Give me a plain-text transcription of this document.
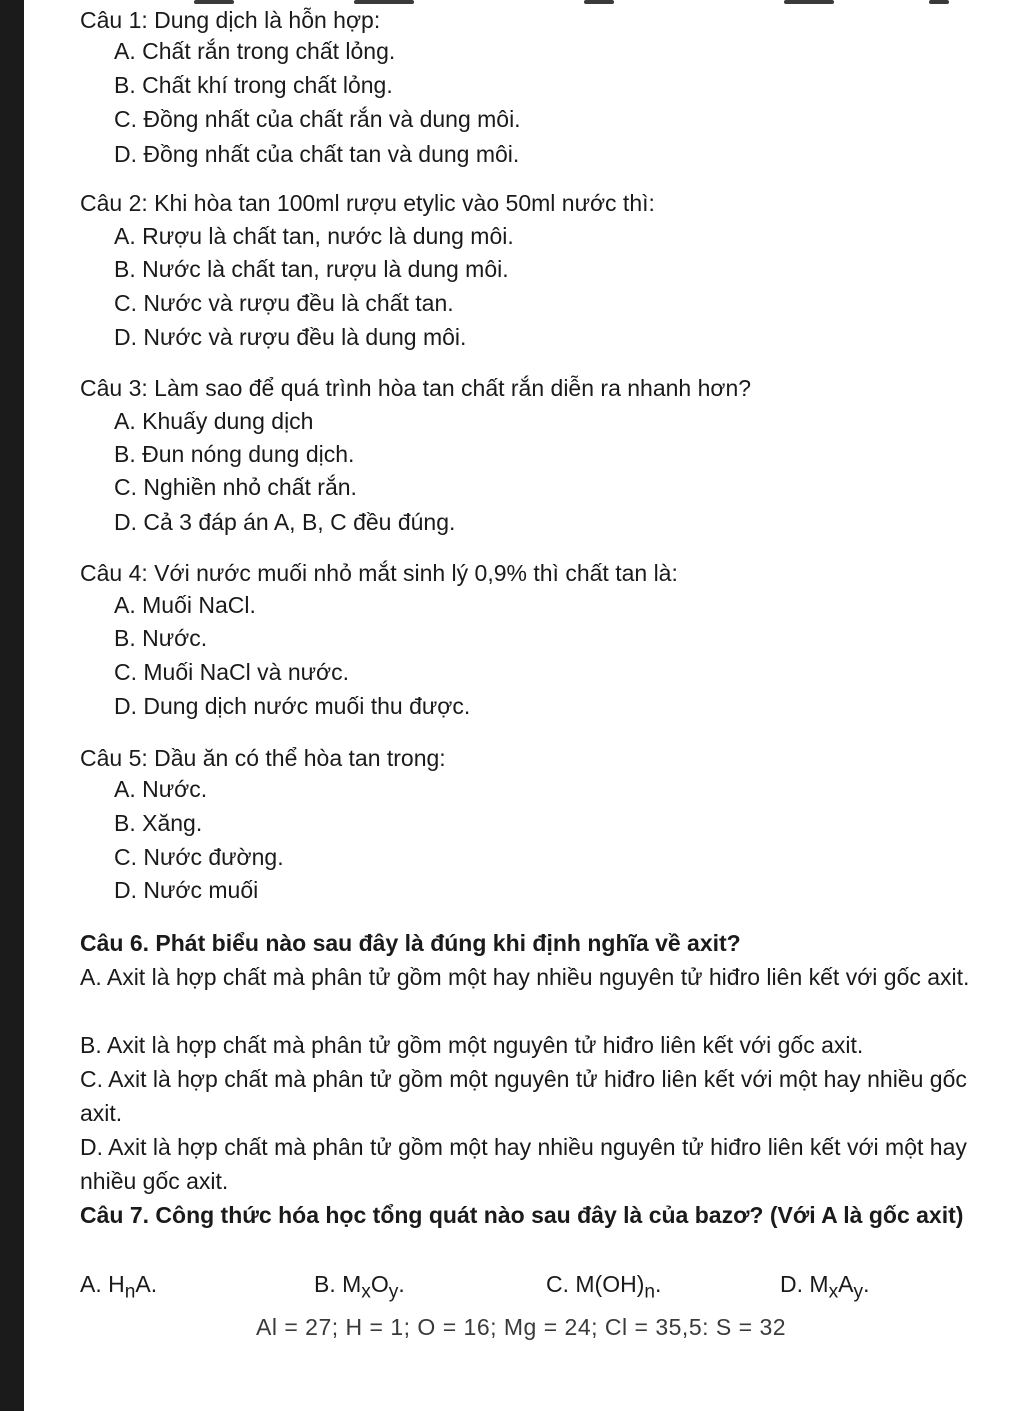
Câu 1: Dung dịch là hỗn hợp:
A. Chất rắn trong chất lỏng.
B. Chất khí trong chất lỏng.
C. Đồng nhất của chất rắn và dung môi.
D. Đồng nhất của chất tan và dung môi.
Câu 2: Khi hòa tan 100ml rượu etylic vào 50ml nước thì:
A. Rượu là chất tan, nước là dung môi.
B. Nước là chất tan, rượu là dung môi.
C. Nước và rượu đều là chất tan.
D. Nước và rượu đều là dung môi.
Câu 3: Làm sao để quá trình hòa tan chất rắn diễn ra nhanh hơn?
A. Khuấy dung dịch
B. Đun nóng dung dịch.
C. Nghiền nhỏ chất rắn.
D. Cả 3 đáp án A, B, C đều đúng.
Câu 4: Với nước muối nhỏ mắt sinh lý 0,9% thì chất tan là:
A. Muối NaCl.
B. Nước.
C. Muối NaCl và nước.
D. Dung dịch nước muối thu được.
Câu 5: Dầu ăn có thể hòa tan trong:
A. Nước.
B. Xăng.
C. Nước đường.
D. Nước muối
Câu 6. Phát biểu nào sau đây là đúng khi định nghĩa về axit?
A. Axit là hợp chất mà phân tử gồm một hay nhiều nguyên tử hiđro liên kết với gốc axit.
B. Axit là hợp chất mà phân tử gồm một nguyên tử hiđro liên kết với gốc axit.
C. Axit là hợp chất mà phân tử gồm một nguyên tử hiđro liên kết với một hay nhiều gốc axit.
D. Axit là hợp chất mà phân tử gồm một hay nhiều nguyên tử hiđro liên kết với một hay nhiều gốc axit.
Câu 7. Công thức hóa học tổng quát nào sau đây là của bazơ? (Với A là gốc axit)
A. $H_nA$.	B. $M_xO_y$.	C. $M(OH)_n$.	D. $M_xA_y$.
Al = 27; H = 1; O = 16; Mg = 24; Cl = 35,5: S = 32
